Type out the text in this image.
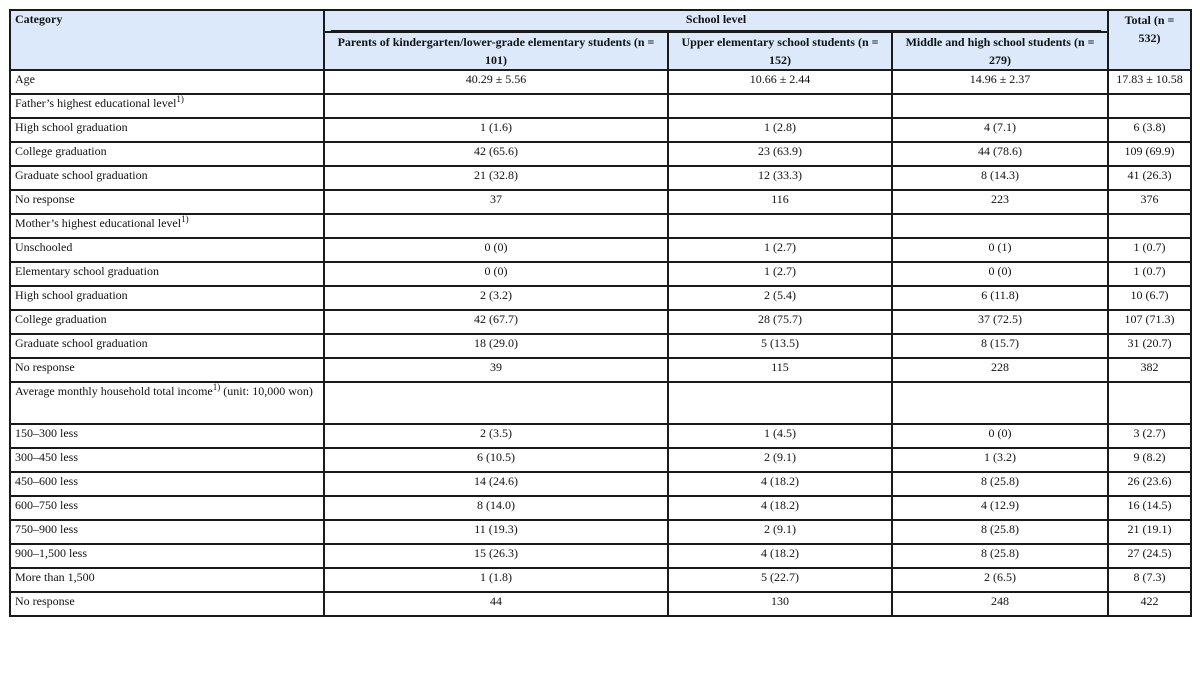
Category	School level			Total (n = 532)
	Parents of kindergarten/lower-grade elementary students (n = 101)	Upper elementary school students (n = 152)	Middle and high school students (n = 279)	
Age	40.29 ± 5.56	10.66 ± 2.44	14.96 ± 2.37	17.83 ± 10.58
Father’s highest educational level$^{1)}$				
High school graduation	1 (1.6)	1 (2.8)	4 (7.1)	6 (3.8)
College graduation	42 (65.6)	23 (63.9)	44 (78.6)	109 (69.9)
Graduate school graduation	21 (32.8)	12 (33.3)	8 (14.3)	41 (26.3)
No response	37	116	223	376
Mother’s highest educational level$^{1)}$				
Unschooled	0 (0)	1 (2.7)	0 (1)	1 (0.7)
Elementary school graduation	0 (0)	1 (2.7)	0 (0)	1 (0.7)
High school graduation	2 (3.2)	2 (5.4)	6 (11.8)	10 (6.7)
College graduation	42 (67.7)	28 (75.7)	37 (72.5)	107 (71.3)
Graduate school graduation	18 (29.0)	5 (13.5)	8 (15.7)	31 (20.7)
No response	39	115	228	382
Average monthly household total income$^{1)}$ (unit: 10,000 won)				
150–300 less	2 (3.5)	1 (4.5)	0 (0)	3 (2.7)
300–450 less	6 (10.5)	2 (9.1)	1 (3.2)	9 (8.2)
450–600 less	14 (24.6)	4 (18.2)	8 (25.8)	26 (23.6)
600–750 less	8 (14.0)	4 (18.2)	4 (12.9)	16 (14.5)
750–900 less	11 (19.3)	2 (9.1)	8 (25.8)	21 (19.1)
900–1,500 less	15 (26.3)	4 (18.2)	8 (25.8)	27 (24.5)
More than 1,500	1 (1.8)	5 (22.7)	2 (6.5)	8 (7.3)
No response	44	130	248	422
